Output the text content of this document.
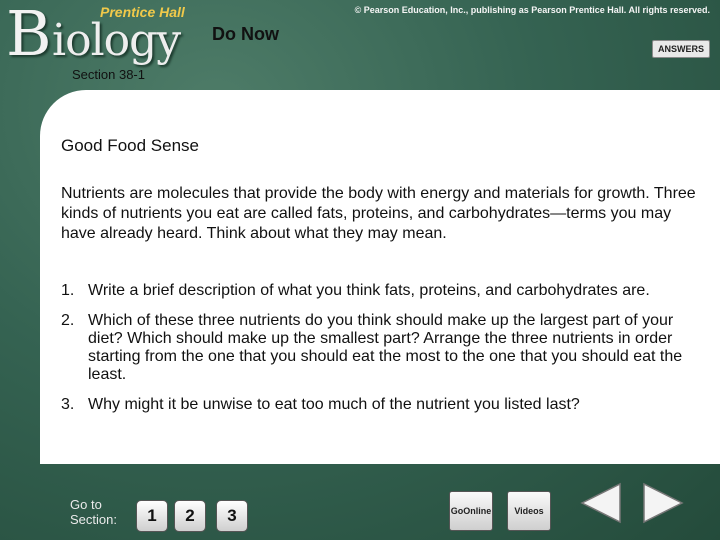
B iology
Prentice Hall
Do Now
© Pearson Education, Inc., publishing as Pearson Prentice Hall. All rights reserved.
ANSWERS
Section 38-1
Good Food Sense

Nutrients are molecules that provide the body with energy and materials for growth. Three kinds of nutrients you eat are called fats, proteins, and carbohydrates—terms you may have already heard. Think about what they may mean.

1. Write a brief description of what you think fats, proteins, and carbohydrates are.
2. Which of these three nutrients do you think should make up the largest part of your diet? Which should make up the smallest part? Arrange the three nutrients in order starting from the one that you should eat the most to the one that you should eat the least.
3. Why might it be unwise to eat too much of the nutrient you listed last?
Go to
Section:	1	2	3	GoOnline	Videos
